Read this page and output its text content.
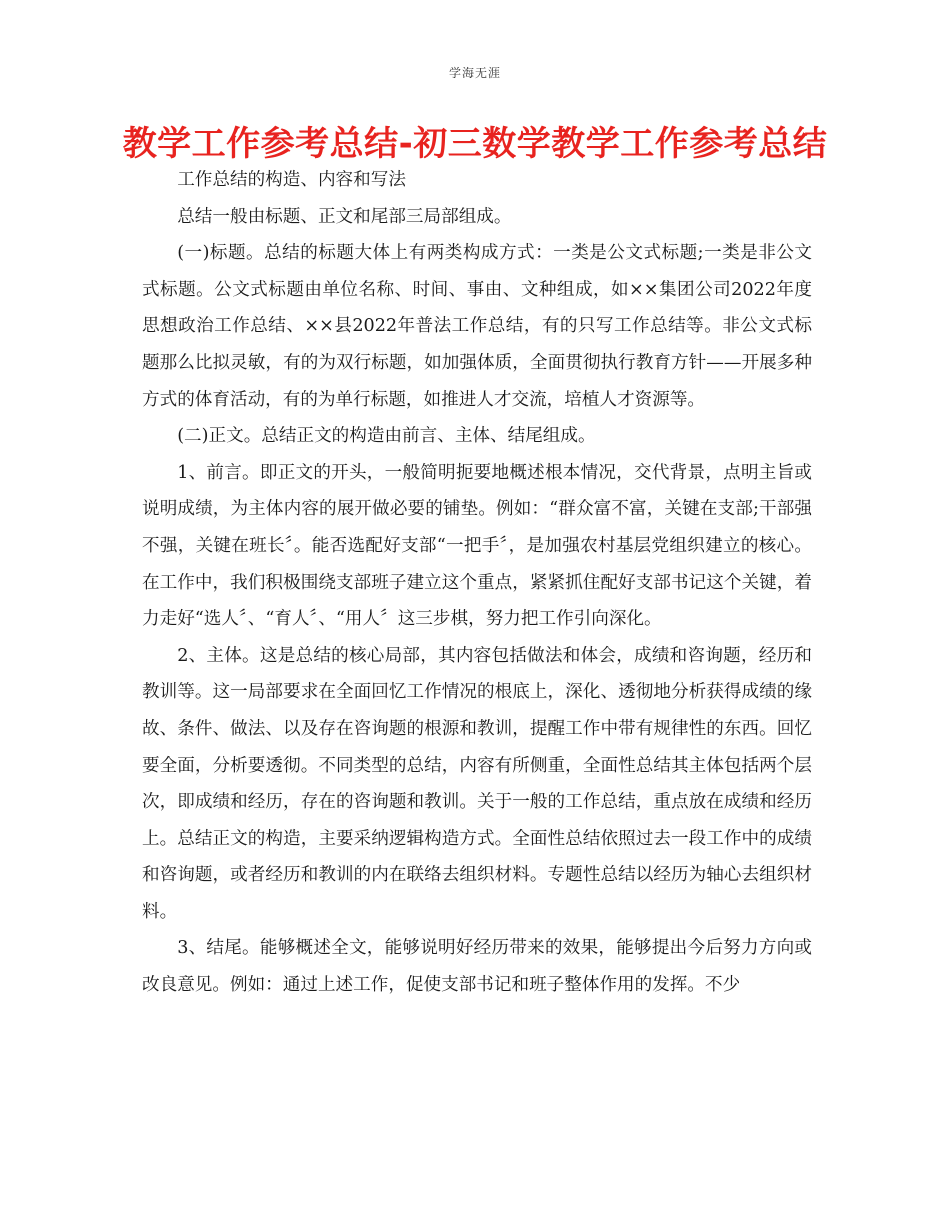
学海无涯
教学工作参考总结-初三数学教学工作参考总结

工作总结的构造、内容和写法

总结一般由标题、正文和尾部三局部组成。

(一)标题。总结的标题大体上有两类构成方式：一类是公文式标题;一类是非公文式标题。公文式标题由单位名称、时间、事由、文种组成，如××集团公司2022年度思想政治工作总结、××县2022年普法工作总结，有的只写工作总结等。非公文式标题那么比拟灵敏，有的为双行标题，如加强体质，全面贯彻执行教育方针——开展多种方式的体育活动，有的为单行标题，如推进人才交流，培植人才资源等。

(二)正文。总结正文的构造由前言、主体、结尾组成。

1、前言。即正文的开头，一般简明扼要地概述根本情况，交代背景，点明主旨或说明成绩，为主体内容的展开做必要的铺垫。例如：“群众富不富，关键在支部;干部强不强，关键在班长〞。能否选配好支部“一把手〞，是加强农村基层党组织建立的核心。在工作中，我们积极围绕支部班子建立这个重点，紧紧抓住配好支部书记这个关键，着力走好“选人〞、“育人〞、“用人〞这三步棋，努力把工作引向深化。

2、主体。这是总结的核心局部，其内容包括做法和体会，成绩和咨询题，经历和教训等。这一局部要求在全面回忆工作情况的根底上，深化、透彻地分析获得成绩的缘故、条件、做法、以及存在咨询题的根源和教训，提醒工作中带有规律性的东西。回忆要全面，分析要透彻。不同类型的总结，内容有所侧重，全面性总结其主体包括两个层次，即成绩和经历，存在的咨询题和教训。关于一般的工作总结，重点放在成绩和经历上。总结正文的构造，主要采纳逻辑构造方式。全面性总结依照过去一段工作中的成绩和咨询题，或者经历和教训的内在联络去组织材料。专题性总结以经历为轴心去组织材料。

3、结尾。能够概述全文，能够说明好经历带来的效果，能够提出今后努力方向或改良意见。例如：通过上述工作，促使支部书记和班子整体作用的发挥。不少
